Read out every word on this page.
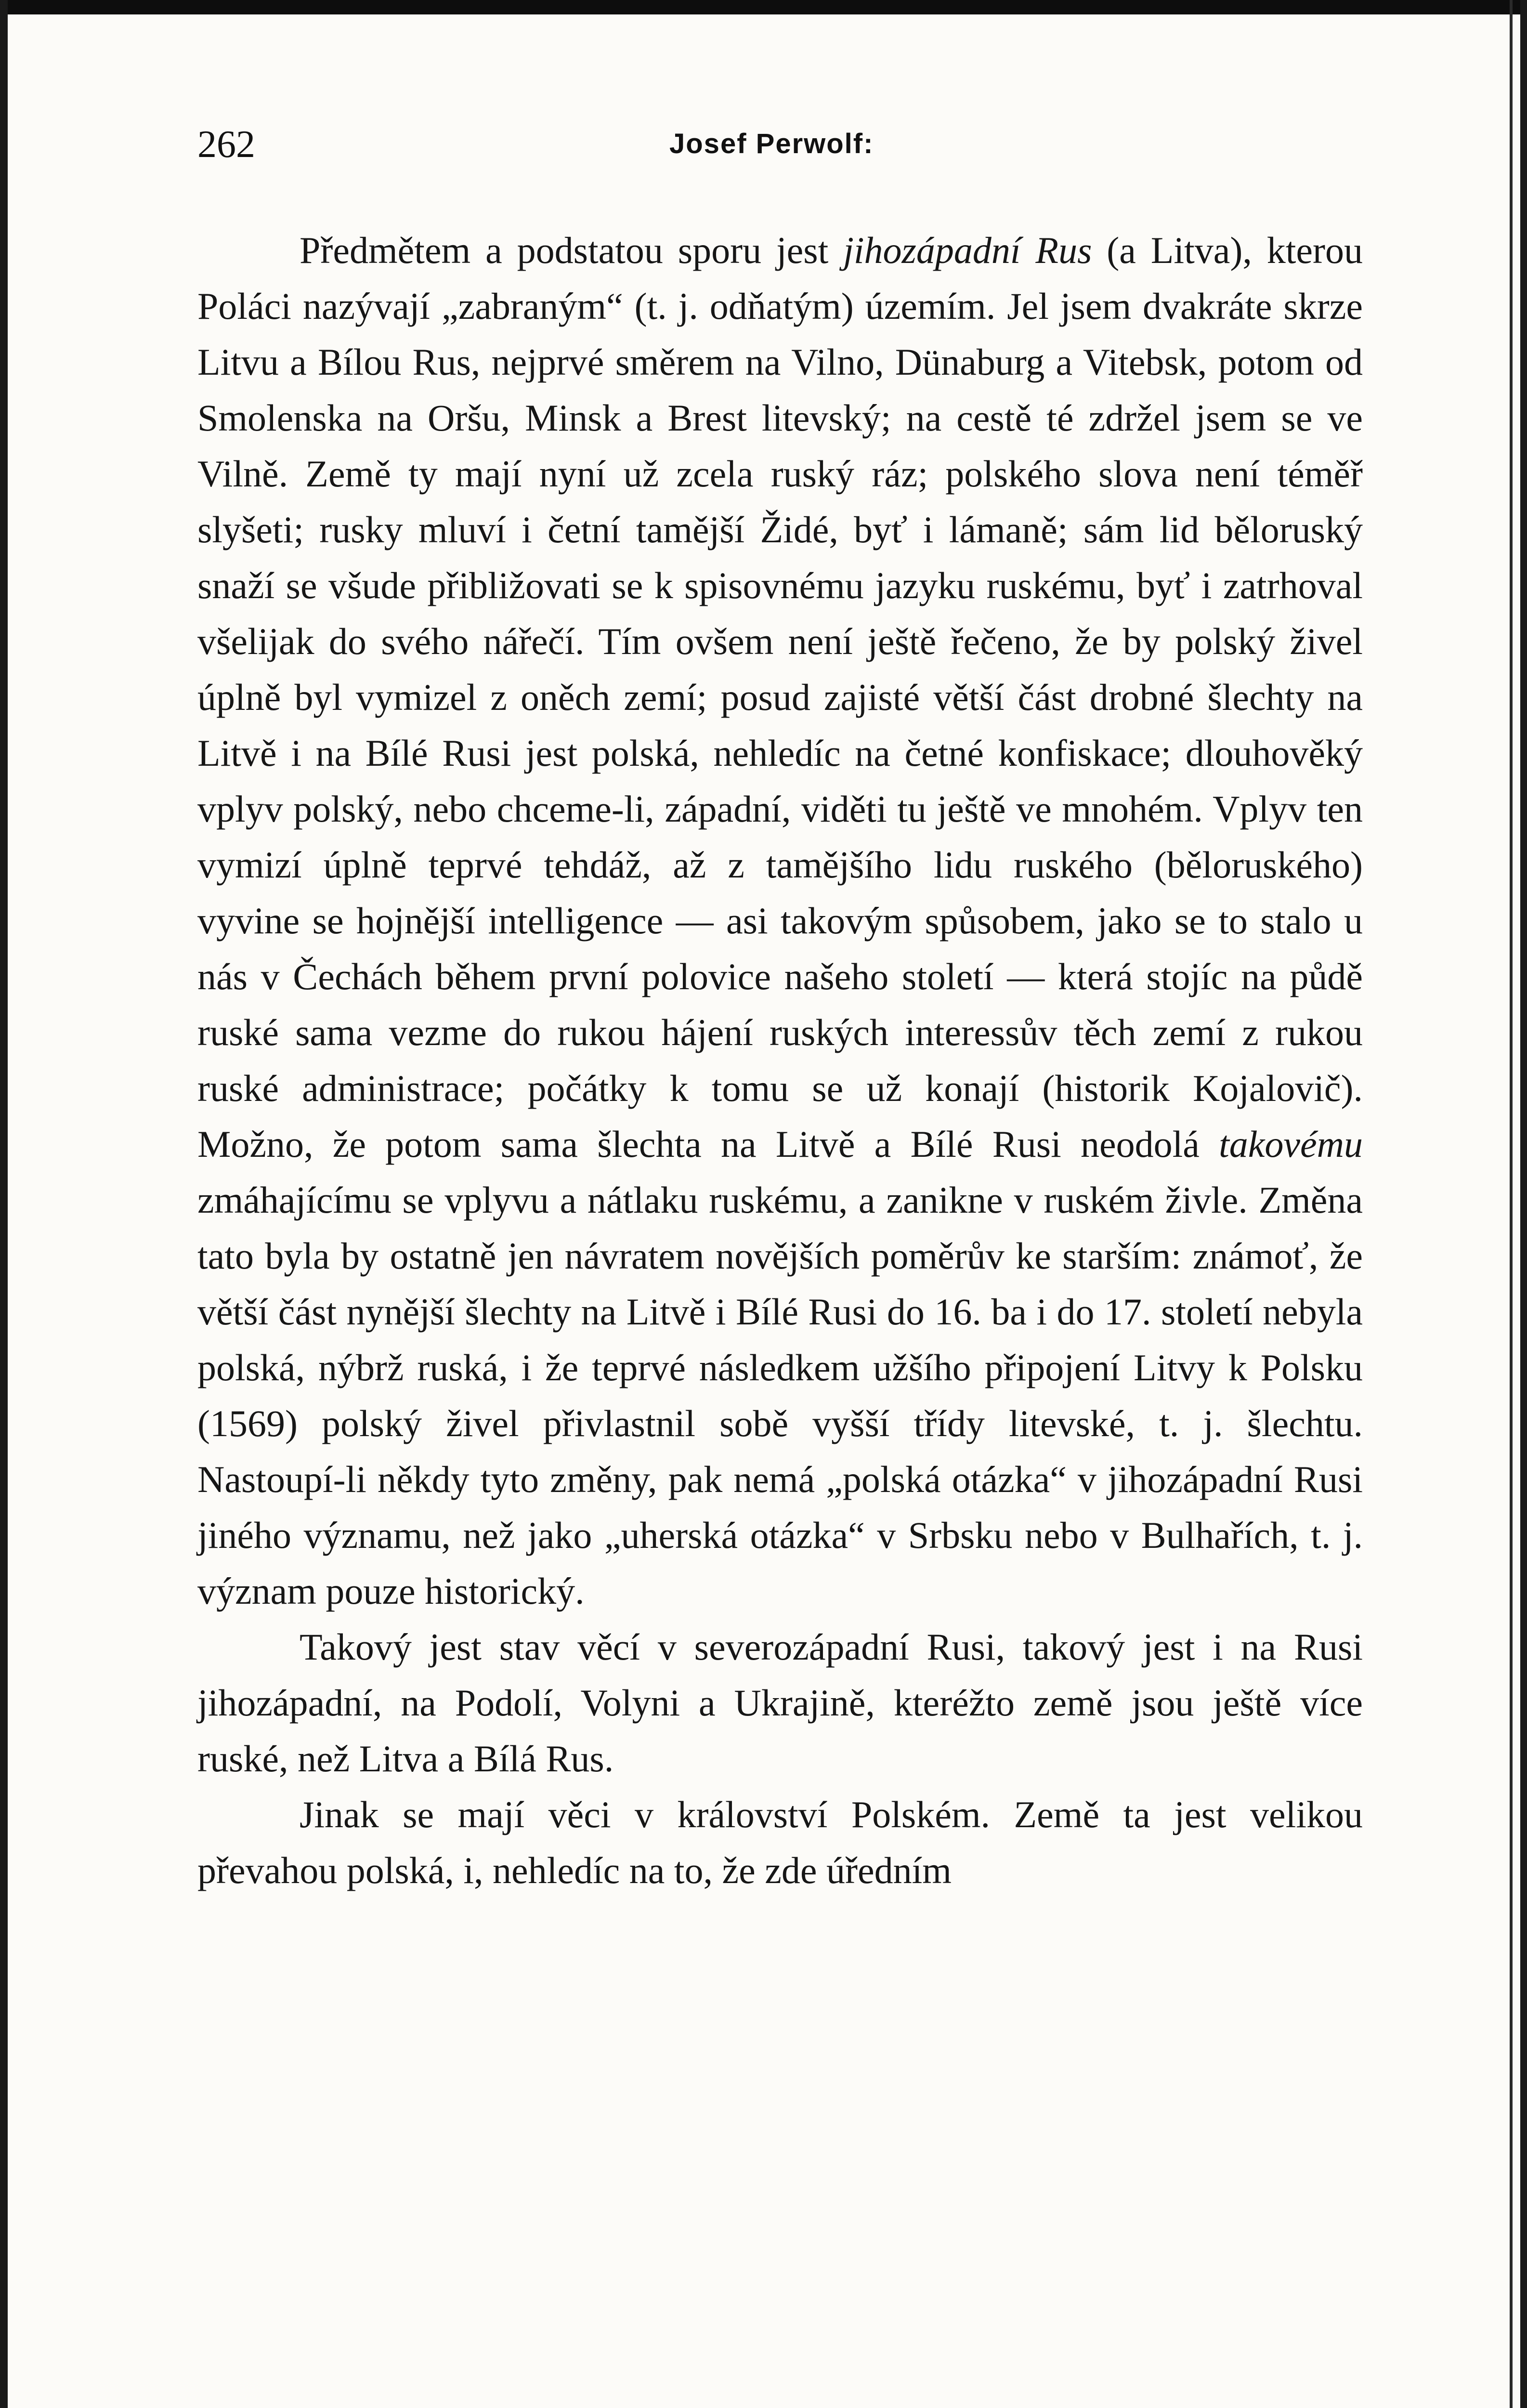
262	Josef Perwolf:

Předmětem a podstatou sporu jest jihozápadní Rus (a Litva), kterou Poláci nazývají „zabraným“ (t. j. odňatým) územím. Jel jsem dvakráte skrze Litvu a Bílou Rus, nejprvé směrem na Vilno, Dünaburg a Vitebsk, potom od Smolenska na Oršu, Minsk a Brest litevský; na cestě té zdržel jsem se ve Vilně. Země ty mají nyní už zcela ruský ráz; polského slova není téměř slyšeti; rusky mluví i četní tamější Židé, byť i lámaně; sám lid běloruský snaží se všude přibližovati se k spisovnému jazyku ruskému, byť i zatrhoval všelijak do svého nářečí. Tím ovšem není ještě řečeno, že by polský živel úplně byl vymizel z oněch zemí; posud zajisté větší část drobné šlechty na Litvě i na Bílé Rusi jest polská, nehledíc na četné konfiskace; dlouhověký vplyv polský, nebo chceme-li, západní, viděti tu ještě ve mnohém. Vplyv ten vymizí úplně teprvé tehdáž, až z tamějšího lidu ruského (běloruského) vyvine se hojnější intelligence — asi takovým spůsobem, jako se to stalo u nás v Čechách během první polovice našeho století — která stojíc na půdě ruské sama vezme do rukou hájení ruských interessův těch zemí z rukou ruské administrace; počátky k tomu se už konají (historik Kojalovič). Možno, že potom sama šlechta na Litvě a Bílé Rusi neodolá takovému zmáhajícímu se vplyvu a nátlaku ruskému, a zanikne v ruském živle. Změna tato byla by ostatně jen návratem novějších poměrův ke starším: známoť, že větší část nynější šlechty na Litvě i Bílé Rusi do 16. ba i do 17. století nebyla polská, nýbrž ruská, i že teprvé následkem užšího připojení Litvy k Polsku (1569) polský živel přivlastnil sobě vyšší třídy litevské, t. j. šlechtu. Nastoupí-li někdy tyto změny, pak nemá „polská otázka“ v jihozápadní Rusi jiného významu, než jako „uherská otázka“ v Srbsku nebo v Bulhařích, t. j. význam pouze historický.

Takový jest stav věcí v severozápadní Rusi, takový jest i na Rusi jihozápadní, na Podolí, Volyni a Ukrajině, kteréžto země jsou ještě více ruské, než Litva a Bílá Rus.

Jinak se mají věci v království Polském. Země ta jest velikou převahou polská, i, nehledíc na to, že zde úředním
